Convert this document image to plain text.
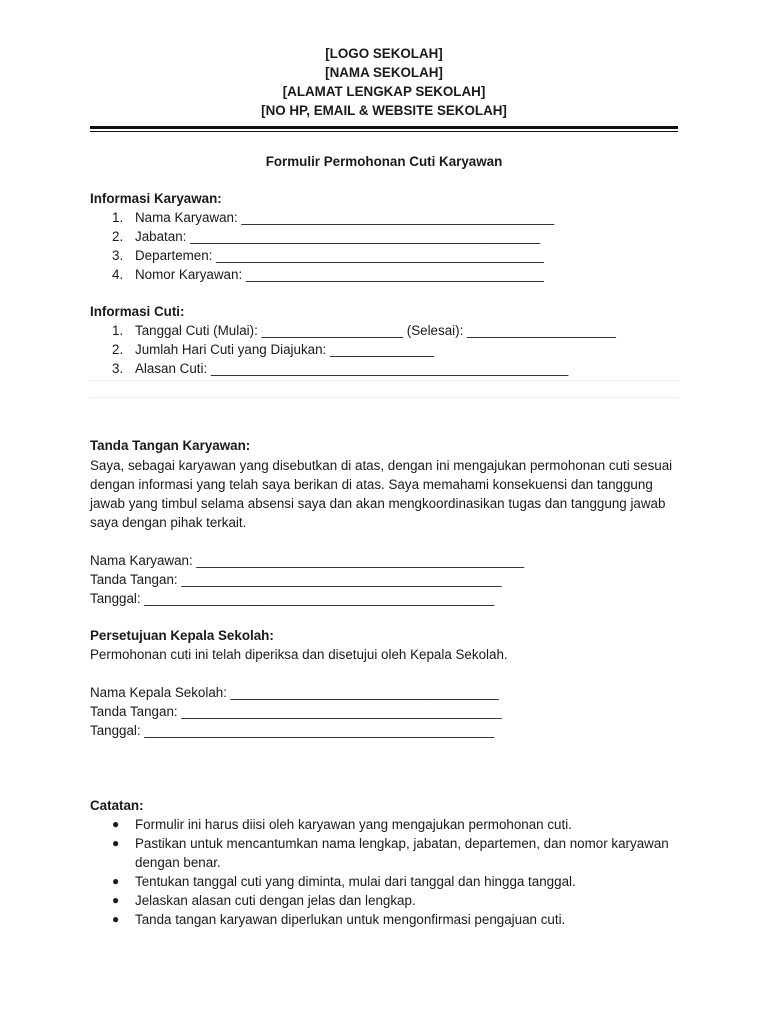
[LOGO SEKOLAH]
[NAMA SEKOLAH]
[ALAMAT LENGKAP SEKOLAH]
[NO HP, EMAIL & WEBSITE SEKOLAH]
Formulir Permohonan Cuti Karyawan
Informasi Karyawan:
1. Nama Karyawan: __________________________________________
2. Jabatan: _______________________________________________
3. Departemen: ____________________________________________
4. Nomor Karyawan: ________________________________________
Informasi Cuti:
1. Tanggal Cuti (Mulai): ___________________ (Selesai): ____________________
2. Jumlah Hari Cuti yang Diajukan: ______________
3. Alasan Cuti: ________________________________________________
Tanda Tangan Karyawan:

Saya, sebagai karyawan yang disebutkan di atas, dengan ini mengajukan permohonan cuti sesuai dengan informasi yang telah saya berikan di atas. Saya memahami konsekuensi dan tanggung jawab yang timbul selama absensi saya dan akan mengkoordinasikan tugas dan tanggung jawab saya dengan pihak terkait.

Nama Karyawan: ____________________________________________
Tanda Tangan: ___________________________________________
Tanggal: _______________________________________________
Persetujuan Kepala Sekolah:

Permohonan cuti ini telah diperiksa dan disetujui oleh Kepala Sekolah.

Nama Kepala Sekolah: ____________________________________
Tanda Tangan: ___________________________________________
Tanggal: _______________________________________________
Catatan:
● Formulir ini harus diisi oleh karyawan yang mengajukan permohonan cuti.
● Pastikan untuk mencantumkan nama lengkap, jabatan, departemen, dan nomor karyawan dengan benar.
● Tentukan tanggal cuti yang diminta, mulai dari tanggal dan hingga tanggal.
● Jelaskan alasan cuti dengan jelas dan lengkap.
● Tanda tangan karyawan diperlukan untuk mengonfirmasi pengajuan cuti.
